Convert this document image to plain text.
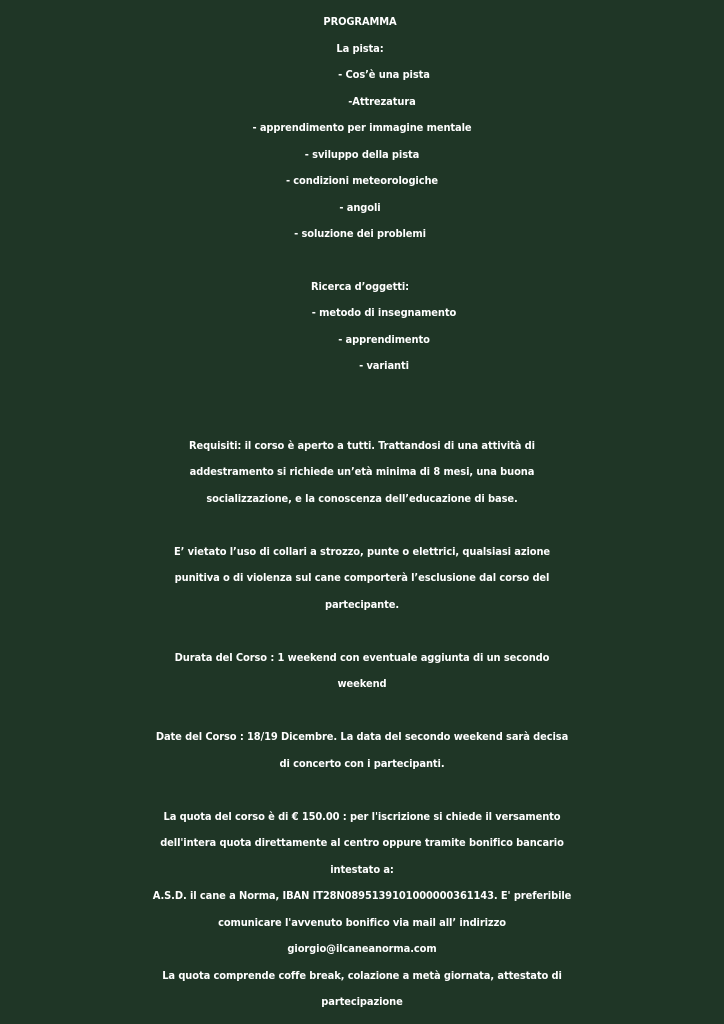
PROGRAMMA
La pista:
- Cos’è una pista
-Attrezatura
- apprendimento per immagine mentale
- sviluppo della pista
- condizioni meteorologiche
- angoli
- soluzione dei problemi
Ricerca d’oggetti:
- metodo di insegnamento
- apprendimento
- varianti
Requisiti: il corso è aperto a tutti. Trattandosi di una attività di
addestramento si richiede un’età minima di 8 mesi, una buona
socializzazione, e la conoscenza dell’educazione di base.
E’ vietato l’uso di collari a strozzo, punte o elettrici, qualsiasi azione
punitiva o di violenza sul cane comporterà l’esclusione dal corso del
partecipante.
Durata del Corso : 1 weekend con eventuale aggiunta di un secondo
weekend
Date del Corso : 18/19 Dicembre. La data del secondo weekend sarà decisa
di concerto con i partecipanti.
La quota del corso è di € 150.00 : per l'iscrizione si chiede il versamento
dell'intera quota direttamente al centro oppure tramite bonifico bancario
intestato a:
A.S.D. il cane a Norma, IBAN IT28N0895139101000000361143. E' preferibile
comunicare l'avvenuto bonifico via mail all’ indirizzo
giorgio@ilcaneanorma.com
La quota comprende coffe break, colazione a metà giornata, attestato di
partecipazione
